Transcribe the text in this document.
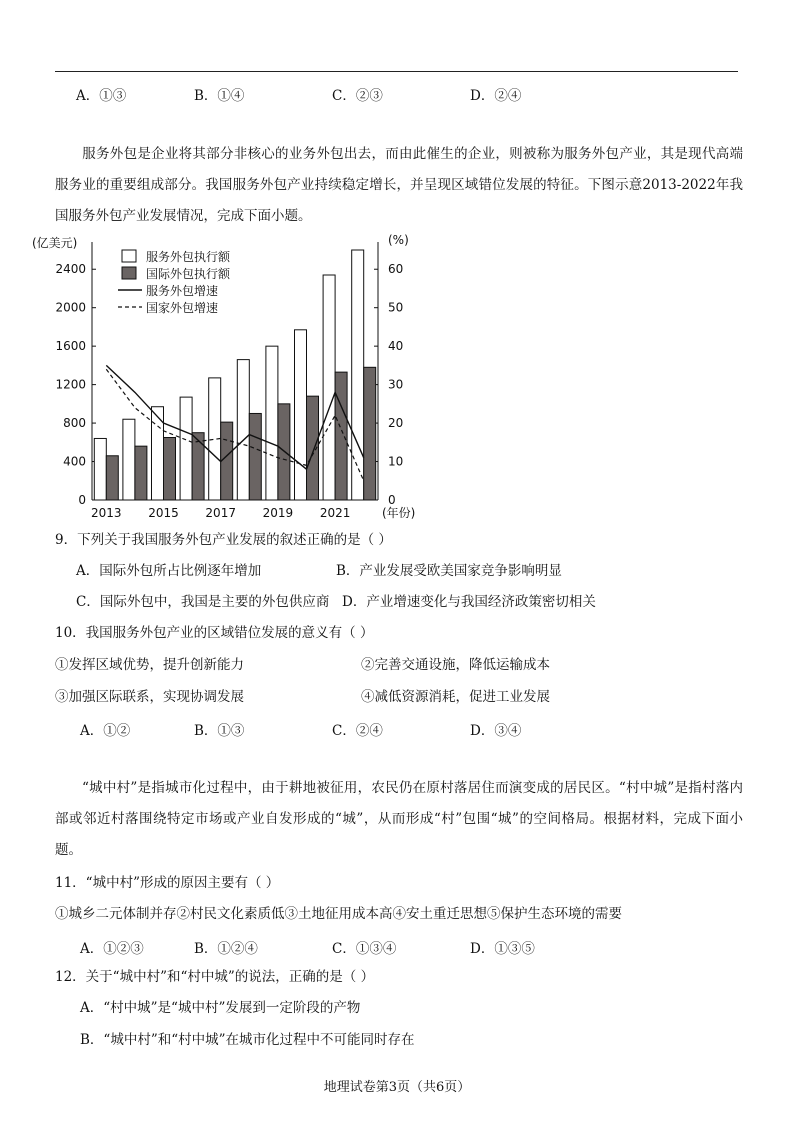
A．①③	B．①④	C．②③	D．②④
服务外包是企业将其部分非核心的业务外包出去，而由此催生的企业，则被称为服务外包产业，其是现代高端服务业的重要组成部分。我国服务外包产业持续稳定增长，并呈现区域错位发展的特征。下图示意2013-2022年我国服务外包产业发展情况，完成下面小题。
0
400
800
1200
1600
2000
2400
0
10
20
30
40
50
60
(亿美元)	(%)
2013 2015 2017 2019 2021	(年份)
服务外包执行额
国际外包执行额
服务外包增速
国家外包增速
9．下列关于我国服务外包产业发展的叙述正确的是（ ）
A．国际外包所占比例逐年增加	B．产业发展受欧美国家竞争影响明显
C．国际外包中，我国是主要的外包供应商 D．产业增速变化与我国经济政策密切相关
10．我国服务外包产业的区域错位发展的意义有（ ）
①发挥区域优势，提升创新能力	②完善交通设施，降低运输成本
③加强区际联系，实现协调发展	④减低资源消耗，促进工业发展
A．①②	B．①③	C．②④	D．③④
“城中村”是指城市化过程中，由于耕地被征用，农民仍在原村落居住而演变成的居民区。“村中城”是指村落内部或邻近村落围绕特定市场或产业自发形成的“城”，从而形成“村”包围“城”的空间格局。根据材料，完成下面小题。
11．“城中村”形成的原因主要有（ ）
①城乡二元体制并存②村民文化素质低③土地征用成本高④安土重迁思想⑤保护生态环境的需要
A．①②③	B．①②④	C．①③④	D．①③⑤
12．关于“城中村”和“村中城”的说法，正确的是（ ）
A．“村中城”是“城中村”发展到一定阶段的产物
B．“城中村”和“村中城”在城市化过程中不可能同时存在
地理试卷第3页（共6页）
